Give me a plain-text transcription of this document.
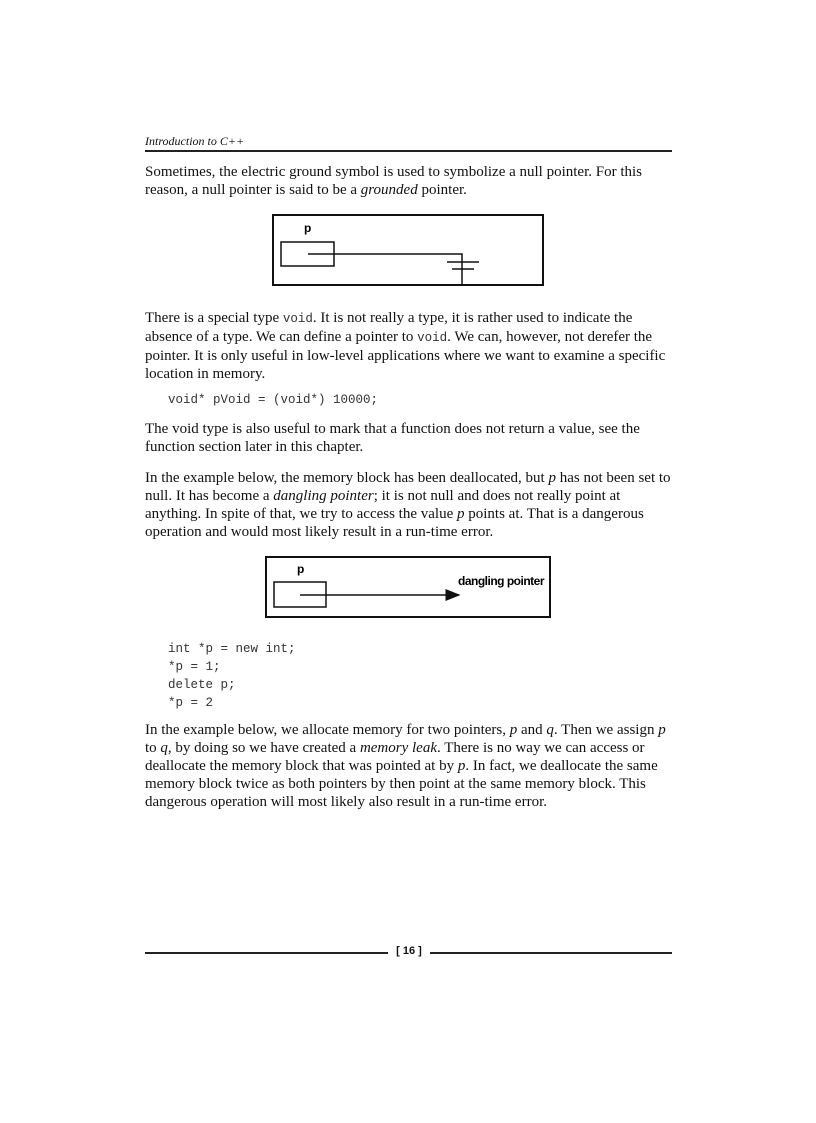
Introduction to C++
Sometimes, the electric ground symbol is used to symbolize a null pointer. For this reason, a null pointer is said to be a grounded pointer.
p
There is a special type void. It is not really a type, it is rather used to indicate the absence of a type. We can define a pointer to void. We can, however, not derefer the pointer. It is only useful in low-level applications where we want to examine a specific location in memory.
void* pVoid = (void*) 10000;
The void type is also useful to mark that a function does not return a value, see the function section later in this chapter.
In the example below, the memory block has been deallocated, but p has not been set to null. It has become a dangling pointer; it is not null and does not really point at anything. In spite of that, we try to access the value p points at. That is a dangerous operation and would most likely result in a run-time error.
p
dangling pointer
int *p = new int;
*p = 1;
delete p;
*p = 2
In the example below, we allocate memory for two pointers, p and q. Then we assign p to q, by doing so we have created a memory leak. There is no way we can access or deallocate the memory block that was pointed at by p. In fact, we deallocate the same memory block twice as both pointers by then point at the same memory block. This dangerous operation will most likely also result in a run-time error.
[ 16 ]
